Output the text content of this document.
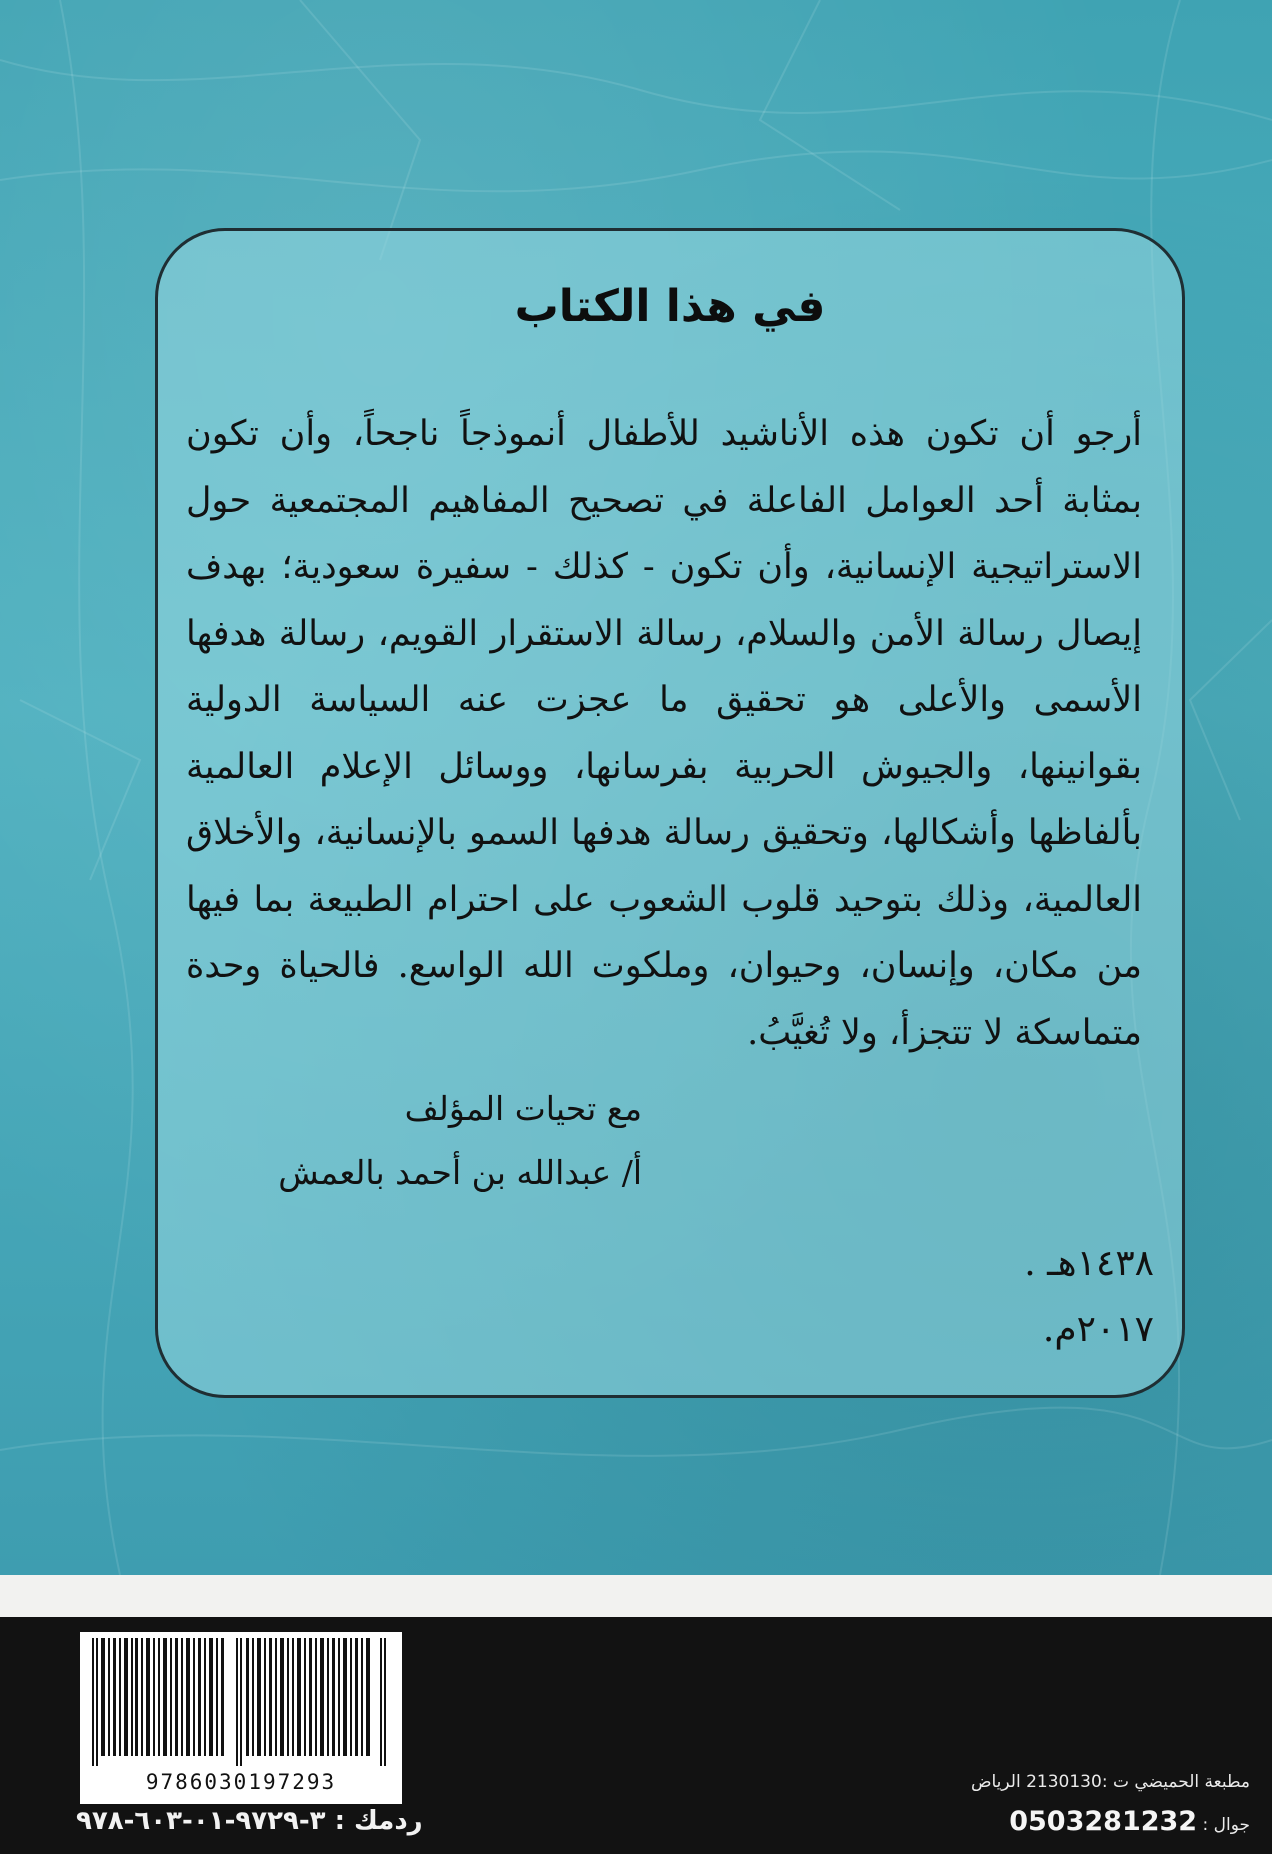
في هذا الكتاب

أرجو أن تكون هذه الأناشيد للأطفال أنموذجاً ناجحاً، وأن تكون بمثابة أحد العوامل الفاعلة في تصحيح المفاهيم المجتمعية حول الاستراتيجية الإنسانية، وأن تكون - كذلك - سفيرة سعودية؛ بهدف إيصال رسالة الأمن والسلام، رسالة الاستقرار القويم، رسالة هدفها الأسمى والأعلى هو تحقيق ما عجزت عنه السياسة الدولية بقوانينها، والجيوش الحربية بفرسانها، ووسائل الإعلام العالمية بألفاظها وأشكالها، وتحقيق رسالة هدفها السمو بالإنسانية، والأخلاق العالمية، وذلك بتوحيد قلوب الشعوب على احترام الطبيعة بما فيها من مكان، وإنسان، وحيوان، وملكوت الله الواسع. فالحياة وحدة متماسكة لا تتجزأ، ولا تُغيَّبُ.

مع تحيات المؤلف

أ/ عبدالله بن أحمد بالعمش

١٤٣٨هـ .
٢٠١٧م.
9786030197293
ردمك : ٣-٩٧٢٩-٠١-٦٠٣-٩٧٨
مطبعة الحميضي ت :2130130 الرياض
جوال : 0503281232
